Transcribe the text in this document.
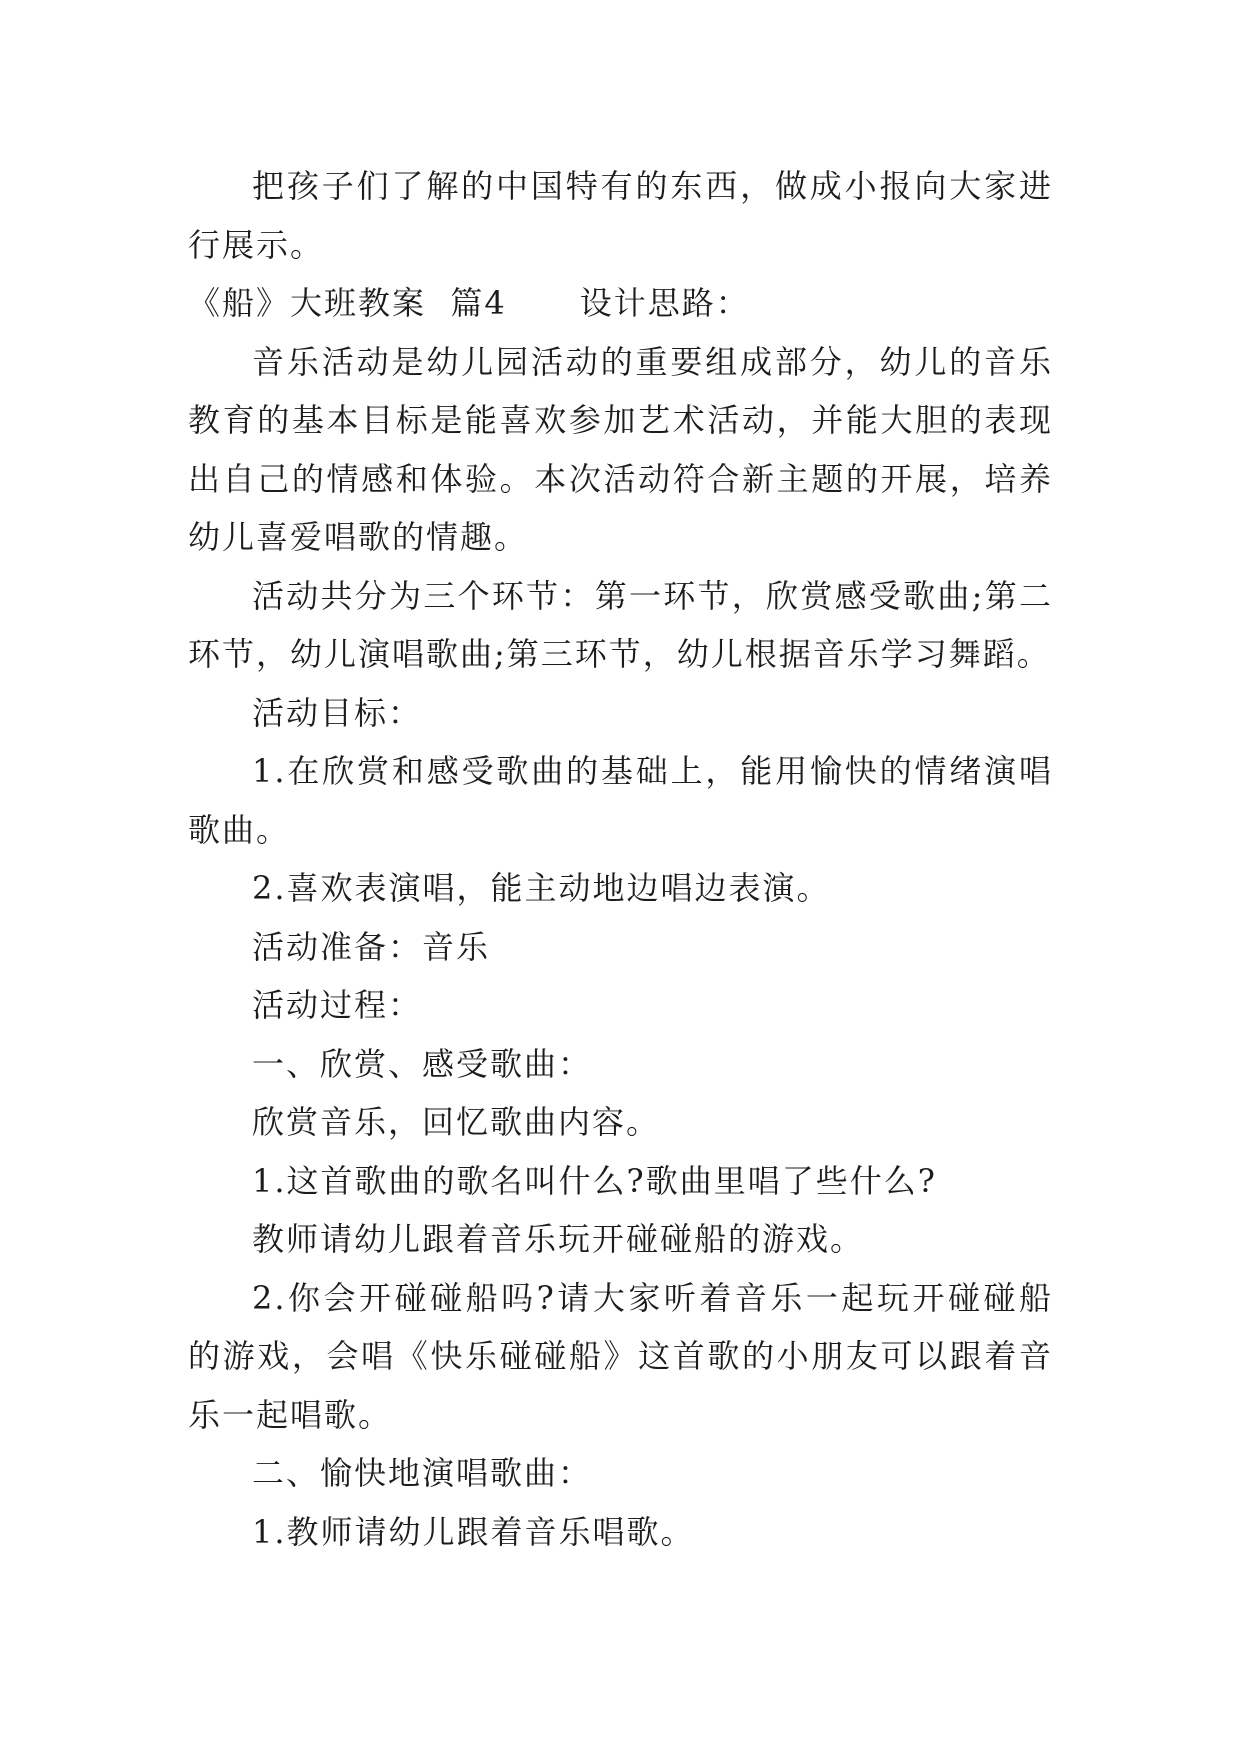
把孩子们了解的中国特有的东西，做成小报向大家进行展示。

《船》大班教案  篇4      设计思路：

音乐活动是幼儿园活动的重要组成部分，幼儿的音乐教育的基本目标是能喜欢参加艺术活动，并能大胆的表现出自己的情感和体验。本次活动符合新主题的开展，培养幼儿喜爱唱歌的情趣。

活动共分为三个环节：第一环节，欣赏感受歌曲;第二环节，幼儿演唱歌曲;第三环节，幼儿根据音乐学习舞蹈。

活动目标：

1.在欣赏和感受歌曲的基础上，能用愉快的情绪演唱歌曲。

2.喜欢表演唱，能主动地边唱边表演。

活动准备：音乐

活动过程：

一、欣赏、感受歌曲：

欣赏音乐，回忆歌曲内容。

1.这首歌曲的歌名叫什么?歌曲里唱了些什么?

教师请幼儿跟着音乐玩开碰碰船的游戏。

2.你会开碰碰船吗?请大家听着音乐一起玩开碰碰船的游戏，会唱《快乐碰碰船》这首歌的小朋友可以跟着音乐一起唱歌。

二、愉快地演唱歌曲：

1.教师请幼儿跟着音乐唱歌。
